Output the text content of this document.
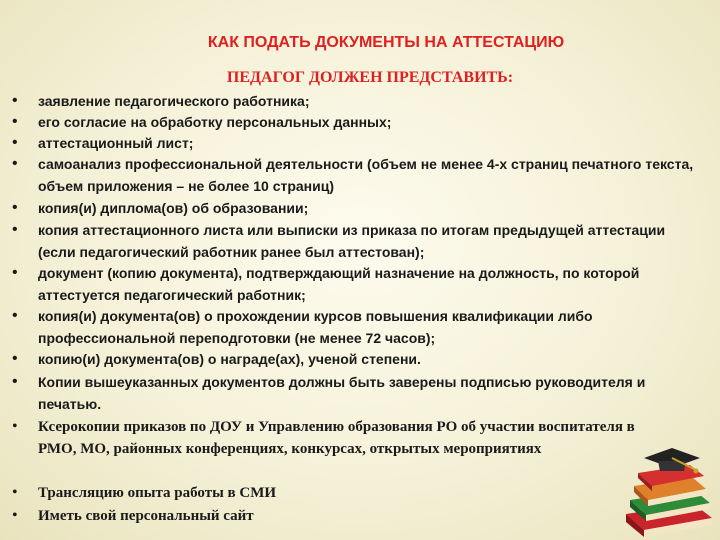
КАК ПОДАТЬ ДОКУМЕНТЫ НА АТТЕСТАЦИЮ
ПЕДАГОГ ДОЛЖЕН ПРЕДСТАВИТЬ:
• заявление педагогического работника;
• его согласие на обработку персональных данных;
• аттестационный лист;
• самоанализ профессиональной деятельности (объем не менее 4-х страниц печатного текста, объем приложения – не более 10 страниц)
• копия(и) диплома(ов) об образовании;
• копия аттестационного листа или выписки из приказа по итогам предыдущей аттестации (если педагогический работник ранее был аттестован);
• документ (копию документа), подтверждающий назначение на должность, по которой аттестуется педагогический работник;
• копия(и) документа(ов) о прохождении курсов повышения квалификации либо профессиональной переподготовки (не менее 72 часов);
• копию(и) документа(ов) о награде(ах), ученой степени.
• Копии вышеуказанных документов должны быть заверены подписью руководителя и печатью.
• Ксерокопии приказов по ДОУ и Управлению образования РО об участии воспитателя в РМО, МО, районных конференциях, конкурсах, открытых мероприятиях
• Трансляцию опыта работы в СМИ
• Иметь свой персональный сайт
